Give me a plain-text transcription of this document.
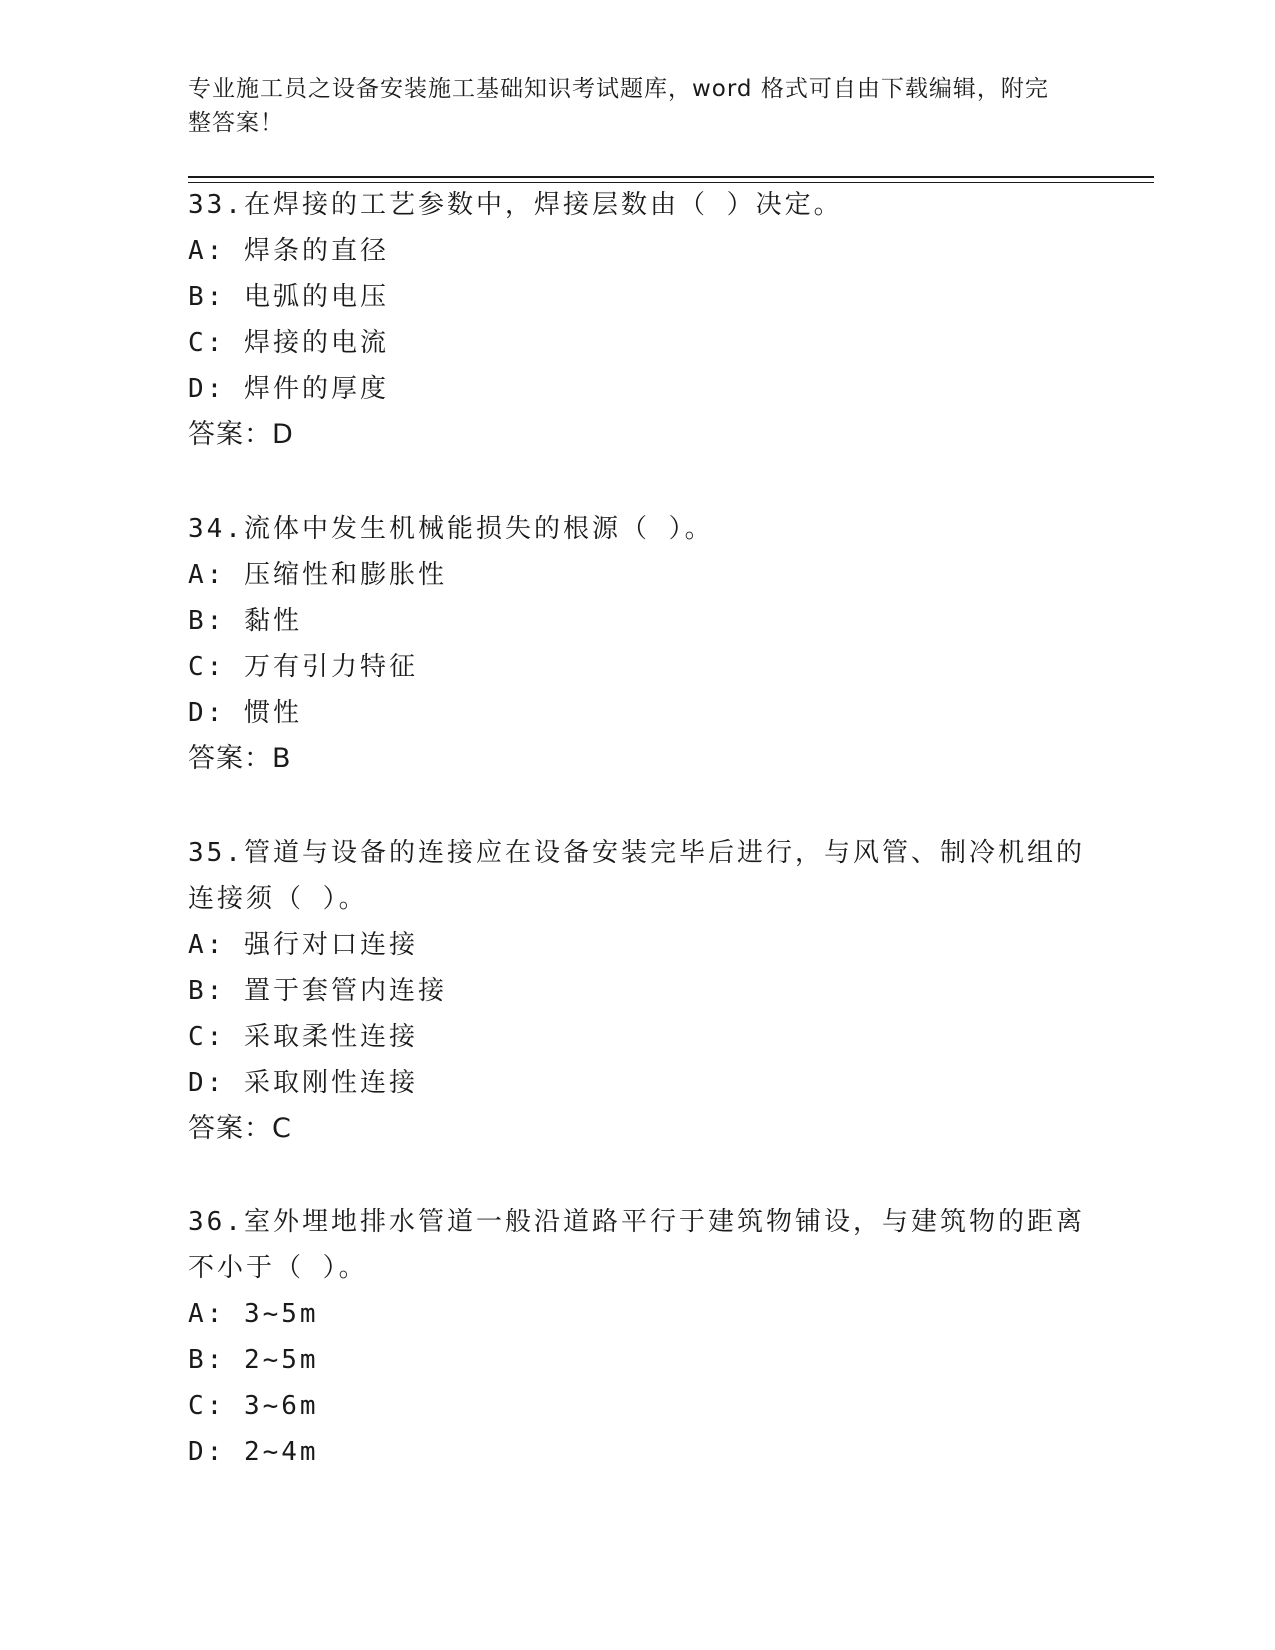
专业施工员之设备安装施工基础知识考试题库，word 格式可自由下载编辑，附完
整答案！

33.在焊接的工艺参数中，焊接层数由（ ）决定。

A: 焊条的直径

B: 电弧的电压

C: 焊接的电流

D: 焊件的厚度

答案：D

34.流体中发生机械能损失的根源（ ）。

A: 压缩性和膨胀性

B: 黏性

C: 万有引力特征

D: 惯性

答案：B

35.管道与设备的连接应在设备安装完毕后进行，与风管、制冷机组的

连接须（ ）。

A: 强行对口连接

B: 置于套管内连接

C: 采取柔性连接

D: 采取刚性连接

答案：C

36.室外埋地排水管道一般沿道路平行于建筑物铺设，与建筑物的距离

不小于（ ）。

A: 3~5m

B: 2~5m

C: 3~6m

D: 2~4m
